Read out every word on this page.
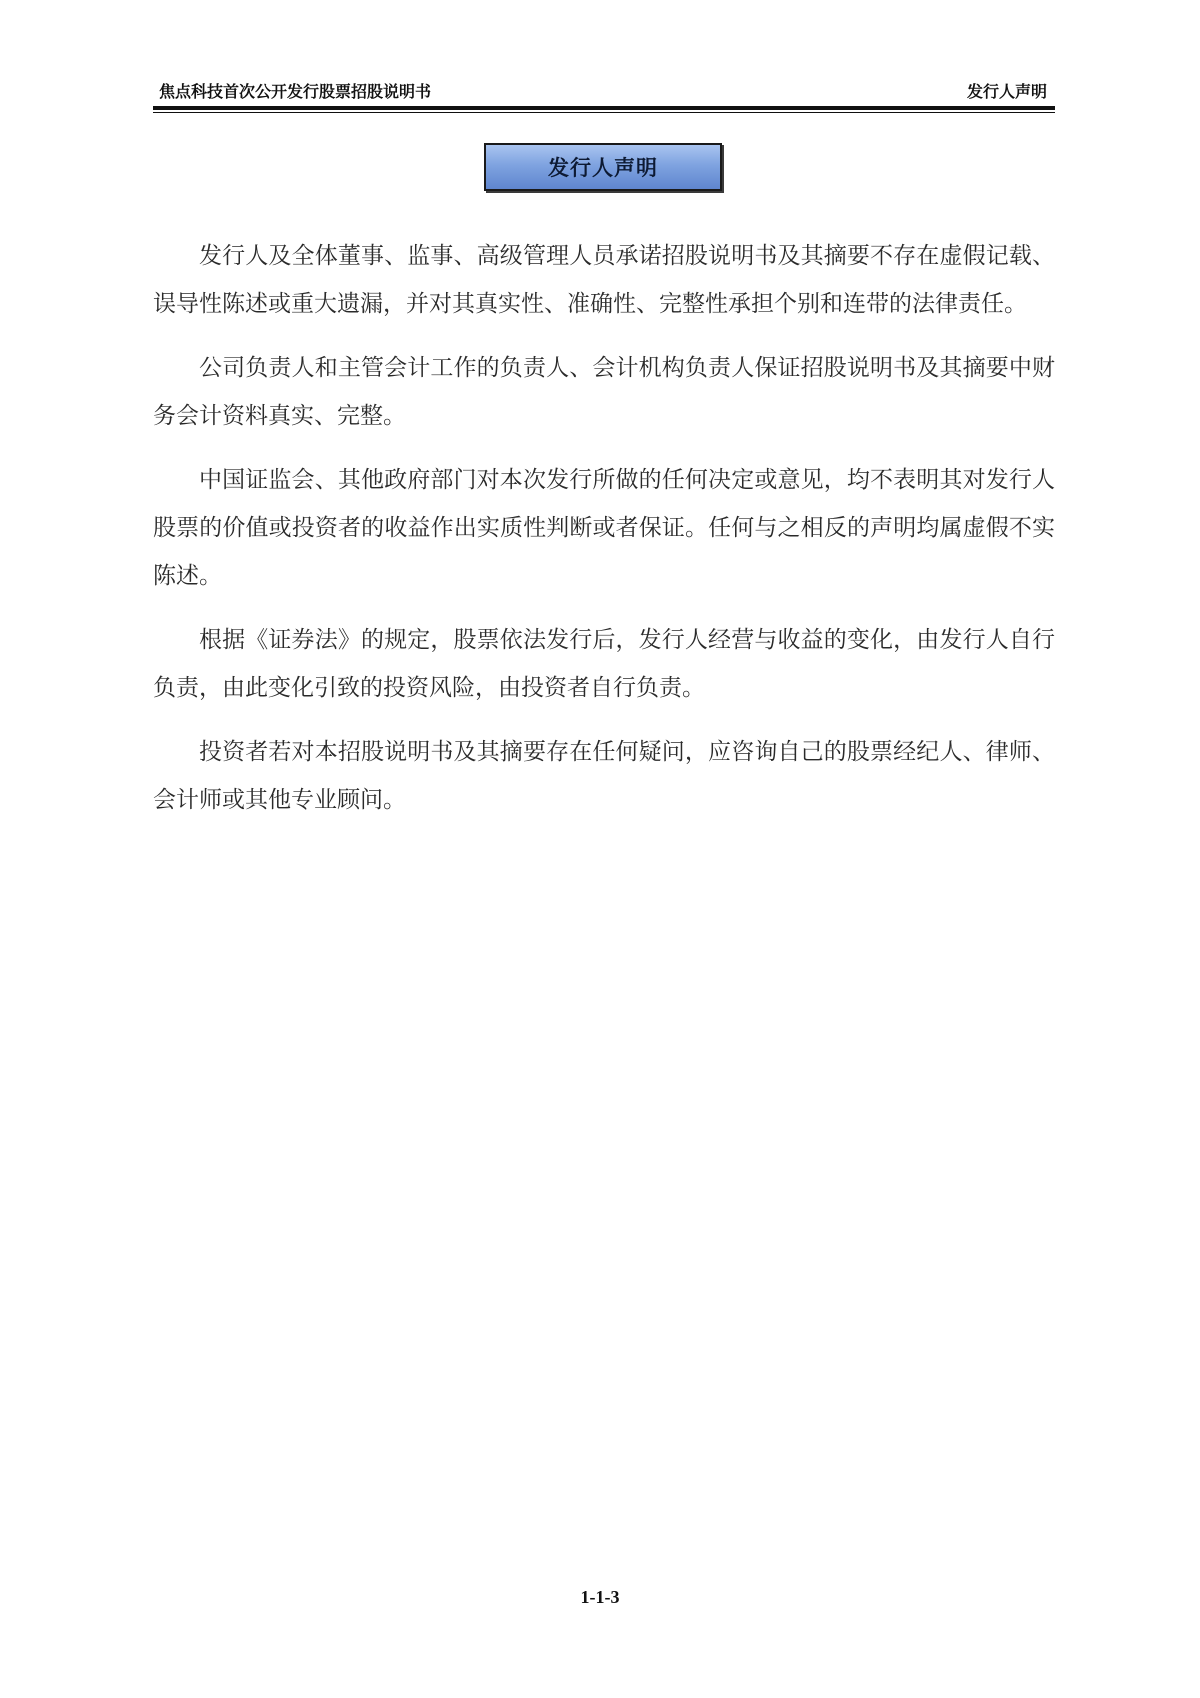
焦点科技首次公开发行股票招股说明书	发行人声明
发行人声明

发行人及全体董事、监事、高级管理人员承诺招股说明书及其摘要不存在虚假记载、误导性陈述或重大遗漏，并对其真实性、准确性、完整性承担个别和连带的法律责任。

公司负责人和主管会计工作的负责人、会计机构负责人保证招股说明书及其摘要中财务会计资料真实、完整。

中国证监会、其他政府部门对本次发行所做的任何决定或意见，均不表明其对发行人股票的价值或投资者的收益作出实质性判断或者保证。任何与之相反的声明均属虚假不实陈述。

根据《证券法》的规定，股票依法发行后，发行人经营与收益的变化，由发行人自行负责，由此变化引致的投资风险，由投资者自行负责。

投资者若对本招股说明书及其摘要存在任何疑问，应咨询自己的股票经纪人、律师、会计师或其他专业顾问。

1-1-3
